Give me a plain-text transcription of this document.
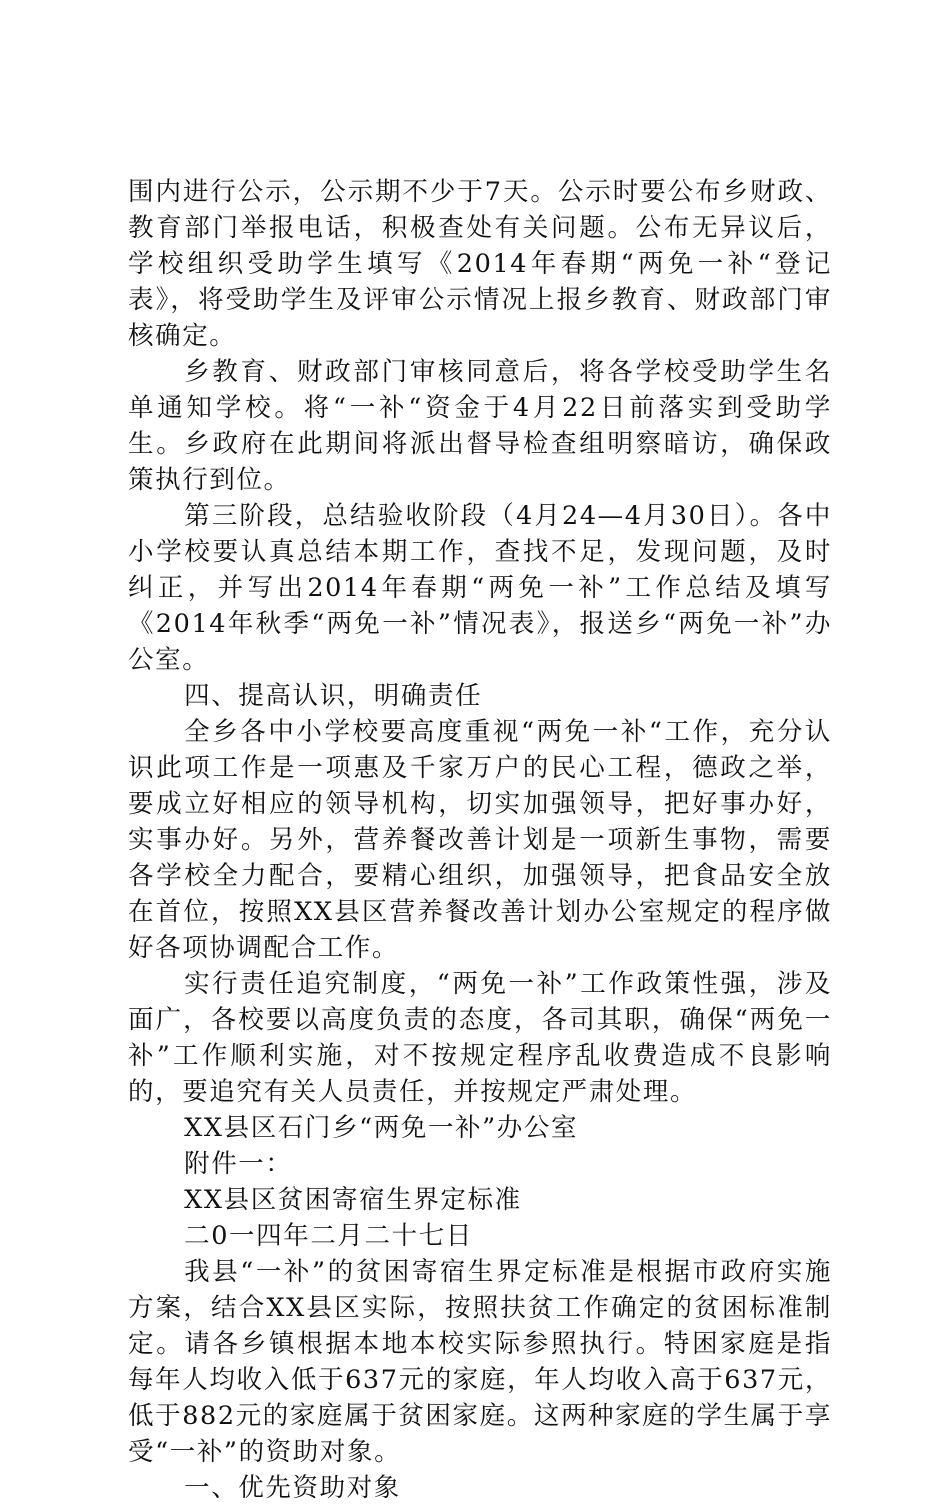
围内进行公示，公示期不少于7天。公示时要公布乡财政、教育部门举报电话，积极查处有关问题。公布无异议后，学校组织受助学生填写《2014年春期“两免一补“登记表》，将受助学生及评审公示情况上报乡教育、财政部门审核确定。

乡教育、财政部门审核同意后，将各学校受助学生名单通知学校。将“一补“资金于4月22日前落实到受助学生。乡政府在此期间将派出督导检查组明察暗访，确保政策执行到位。

第三阶段，总结验收阶段（4月24—4月30日）。各中小学校要认真总结本期工作，查找不足，发现问题，及时纠正，并写出2014年春期“两免一补”工作总结及填写《2014年秋季“两免一补”情况表》，报送乡“两免一补”办公室。

四、提高认识，明确责任

全乡各中小学校要高度重视“两免一补“工作，充分认识此项工作是一项惠及千家万户的民心工程，德政之举，要成立好相应的领导机构，切实加强领导，把好事办好，实事办好。另外，营养餐改善计划是一项新生事物，需要各学校全力配合，要精心组织，加强领导，把食品安全放在首位，按照XX县区营养餐改善计划办公室规定的程序做好各项协调配合工作。

实行责任追究制度，“两免一补”工作政策性强，涉及面广，各校要以高度负责的态度，各司其职，确保“两免一补”工作顺利实施，对不按规定程序乱收费造成不良影响的，要追究有关人员责任，并按规定严肃处理。

XX县区石门乡“两免一补”办公室

附件一：

XX县区贫困寄宿生界定标准

二0一四年二月二十七日

我县“一补”的贫困寄宿生界定标准是根据市政府实施方案，结合XX县区实际，按照扶贫工作确定的贫困标准制定。请各乡镇根据本地本校实际参照执行。特困家庭是指每年人均收入低于637元的家庭，年人均收入高于637元，低于882元的家庭属于贫困家庭。这两种家庭的学生属于享受“一补”的资助对象。

一、优先资助对象
